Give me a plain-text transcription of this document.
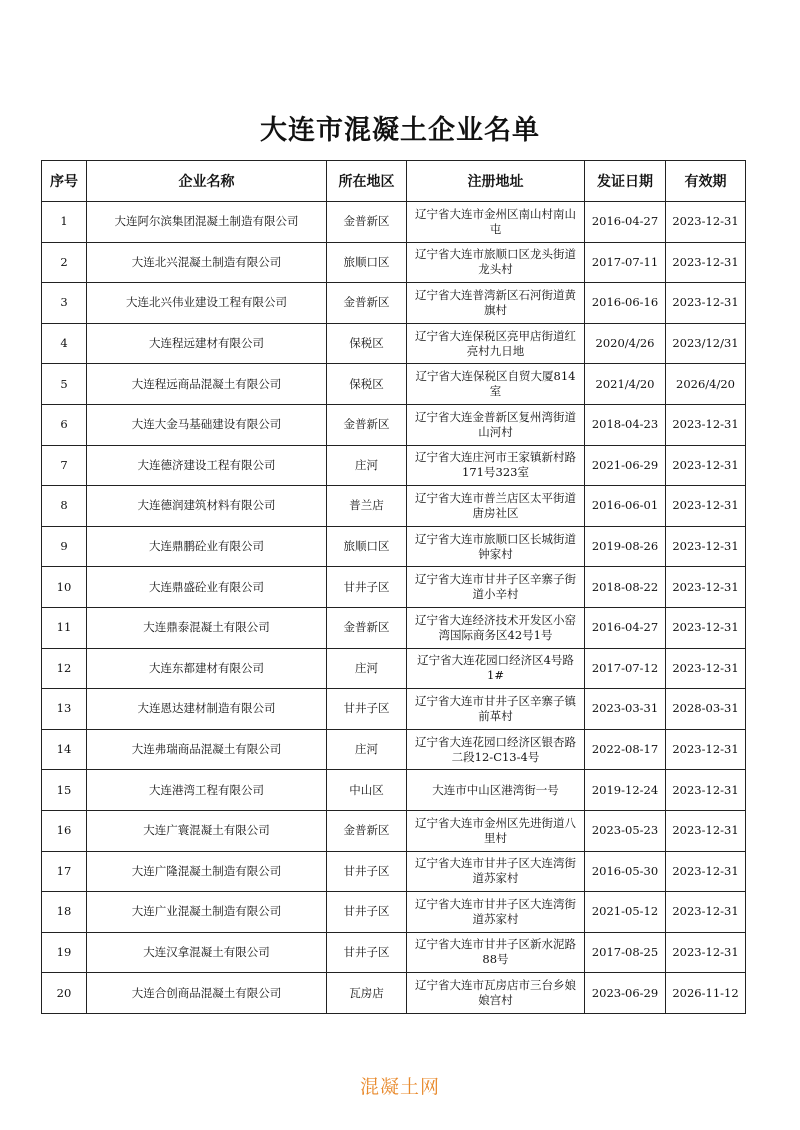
大连市混凝土企业名单
序号	企业名称	所在地区	注册地址	发证日期	有效期
1	大连阿尔滨集团混凝土制造有限公司	金普新区	辽宁省大连市金州区南山村南山屯	2016-04-27	2023-12-31
2	大连北兴混凝土制造有限公司	旅顺口区	辽宁省大连市旅顺口区龙头街道龙头村	2017-07-11	2023-12-31
3	大连北兴伟业建设工程有限公司	金普新区	辽宁省大连普湾新区石河街道黄旗村	2016-06-16	2023-12-31
4	大连程远建材有限公司	保税区	辽宁省大连保税区亮甲店街道红亮村九日地	2020/4/26	2023/12/31
5	大连程远商品混凝土有限公司	保税区	辽宁省大连保税区自贸大厦814室	2021/4/20	2026/4/20
6	大连大金马基础建设有限公司	金普新区	辽宁省大连金普新区复州湾街道山河村	2018-04-23	2023-12-31
7	大连德济建设工程有限公司	庄河	辽宁省大连庄河市王家镇新村路171号323室	2021-06-29	2023-12-31
8	大连德润建筑材料有限公司	普兰店	辽宁省大连市普兰店区太平街道唐房社区	2016-06-01	2023-12-31
9	大连鼎鹏砼业有限公司	旅顺口区	辽宁省大连市旅顺口区长城街道钟家村	2019-08-26	2023-12-31
10	大连鼎盛砼业有限公司	甘井子区	辽宁省大连市甘井子区辛寨子街道小辛村	2018-08-22	2023-12-31
11	大连鼎泰混凝土有限公司	金普新区	辽宁省大连经济技术开发区小窑湾国际商务区42号1号	2016-04-27	2023-12-31
12	大连东都建材有限公司	庄河	辽宁省大连花园口经济区4号路1#	2017-07-12	2023-12-31
13	大连恩达建材制造有限公司	甘井子区	辽宁省大连市甘井子区辛寨子镇前革村	2023-03-31	2028-03-31
14	大连弗瑞商品混凝土有限公司	庄河	辽宁省大连花园口经济区银杏路二段12-C13-4号	2022-08-17	2023-12-31
15	大连港湾工程有限公司	中山区	大连市中山区港湾街一号	2019-12-24	2023-12-31
16	大连广寰混凝土有限公司	金普新区	辽宁省大连市金州区先进街道八里村	2023-05-23	2023-12-31
17	大连广隆混凝土制造有限公司	甘井子区	辽宁省大连市甘井子区大连湾街道苏家村	2016-05-30	2023-12-31
18	大连广业混凝土制造有限公司	甘井子区	辽宁省大连市甘井子区大连湾街道苏家村	2021-05-12	2023-12-31
19	大连汉拿混凝土有限公司	甘井子区	辽宁省大连市甘井子区新水泥路88号	2017-08-25	2023-12-31
20	大连合创商品混凝土有限公司	瓦房店	辽宁省大连市瓦房店市三台乡娘娘宫村	2023-06-29	2026-11-12
混凝土网
